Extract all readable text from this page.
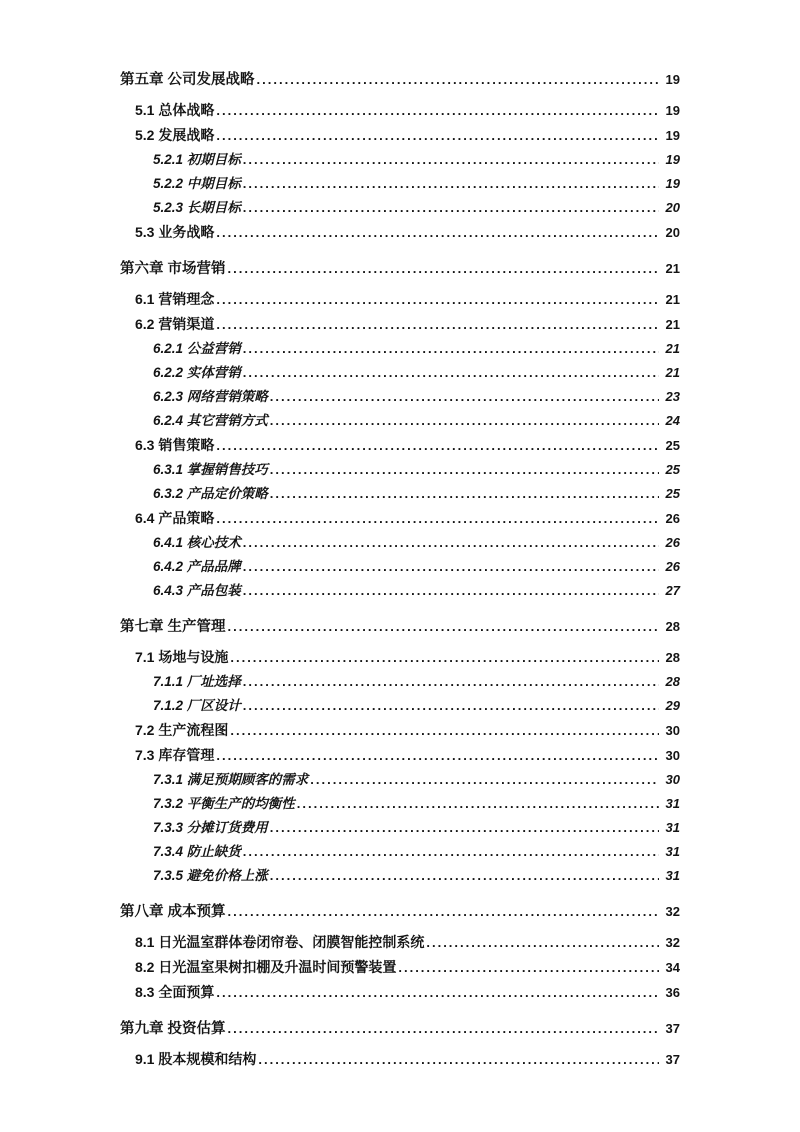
第五章 公司发展战略 .....	19
5.1 总体战略 .....	19
5.2 发展战略 .....	19
5.2.1 初期目标 .....	19
5.2.2 中期目标 .....	19
5.2.3 长期目标 .....	20
5.3 业务战略 .....	20
第六章 市场营销 .....	21
6.1 营销理念 .....	21
6.2 营销渠道 .....	21
6.2.1 公益营销 .....	21
6.2.2 实体营销 .....	21
6.2.3 网络营销策略 .....	23
6.2.4 其它营销方式 .....	24
6.3 销售策略 .....	25
6.3.1 掌握销售技巧 .....	25
6.3.2 产品定价策略 .....	25
6.4 产品策略 .....	26
6.4.1 核心技术 .....	26
6.4.2 产品品牌 .....	26
6.4.3 产品包装 .....	27
第七章 生产管理 .....	28
7.1 场地与设施 .....	28
7.1.1 厂址选择 .....	28
7.1.2 厂区设计 .....	29
7.2 生产流程图 .....	30
7.3 库存管理 .....	30
7.3.1 满足预期顾客的需求 .....	30
7.3.2 平衡生产的均衡性 .....	31
7.3.3 分摊订货费用 .....	31
7.3.4 防止缺货 .....	31
7.3.5 避免价格上涨 .....	31
第八章 成本预算 .....	32
8.1 日光温室群体卷闭帘卷、闭膜智能控制系统 .....	32
8.2 日光温室果树扣棚及升温时间预警装置 .....	34
8.3 全面预算 .....	36
第九章 投资估算 .....	37
9.1 股本规模和结构 .....	37
